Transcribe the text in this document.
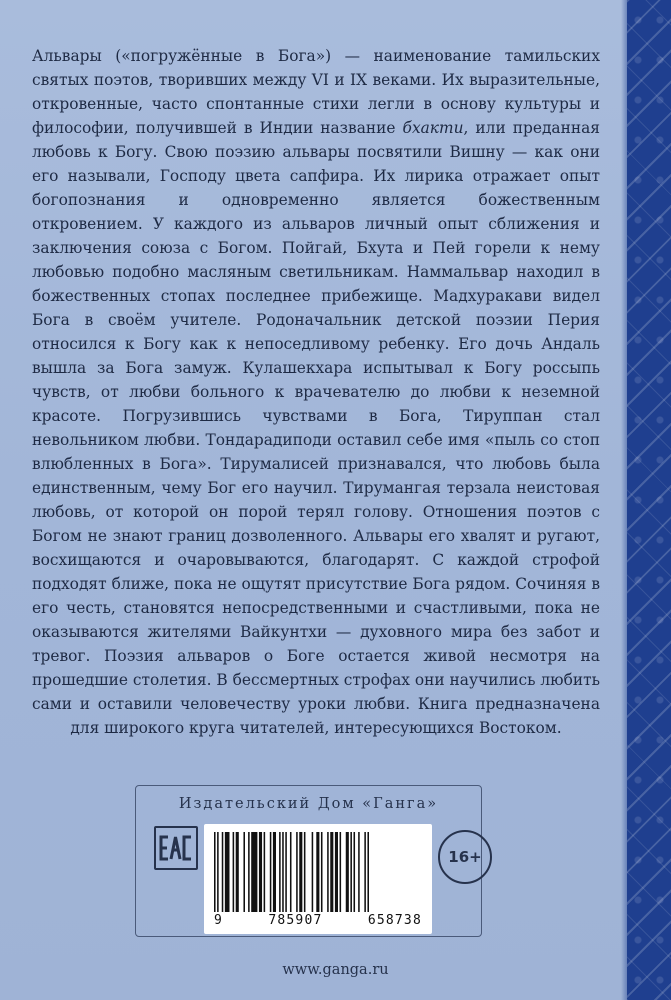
Альвары («погружённые в Бога») — наименование тамильских святых поэтов, творивших между VI и IX веками. Их выразительные, откровенные, часто спонтанные стихи легли в основу культуры и философии, получившей в Индии название бхакти, или преданная любовь к Богу. Свою поэзию альвары посвятили Вишну — как они его называли, Господу цвета сапфира. Их лирика отражает опыт богопознания и одновременно является божественным откровением. У каждого из альваров личный опыт сближения и заключения союза с Богом. Пойгай, Бхута и Пей горели к нему любовью подобно масляным светильникам. Наммальвар находил в божественных стопах последнее прибежище. Мадхуракави видел Бога в своём учителе. Родоначальник детской поэзии Перия относился к Богу как к непоседливому ребенку. Его дочь Андаль вышла за Бога замуж. Кулашекхара испытывал к Богу россыпь чувств, от любви больного к врачевателю до любви к неземной красоте. Погрузившись чувствами в Бога, Тируппан стал невольником любви. Тондарадиподи оставил себе имя «пыль со стоп влюбленных в Бога». Тирумалисей признавался, что любовь была единственным, чему Бог его научил. Тирумангая терзала неистовая любовь, от которой он порой терял голову. Отношения поэтов с Богом не знают границ дозволенного. Альвары его хвалят и ругают, восхищаются и очаровываются, благодарят. С каждой строфой подходят ближе, пока не ощутят присутствие Бога рядом. Сочиняя в его честь, становятся непосредственными и счастливыми, пока не оказываются жителями Вайкунтхи — духовного мира без забот и тревог. Поэзия альваров о Боге остается живой несмотря на прошедшие столетия. В бессмертных строфах они научились любить сами и оставили человечеству уроки любви. Книга предназначена для широкого круга читателей, интересующихся Востоком.

Издательский Дом «Ганга»
9	785907	658738
16+
www.ganga.ru
